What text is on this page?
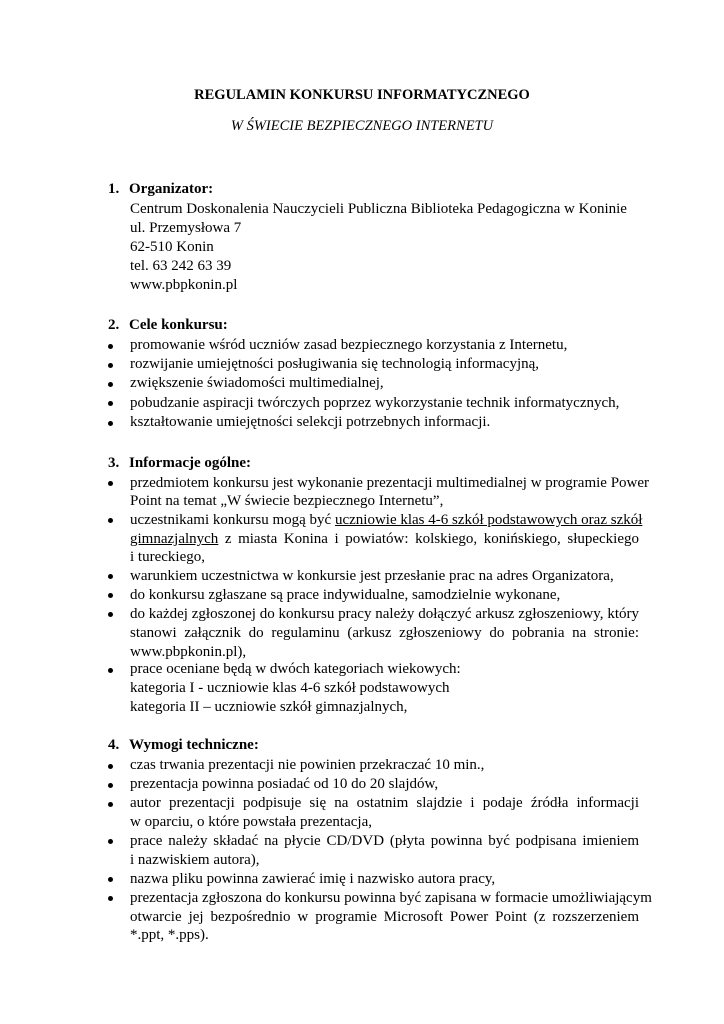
REGULAMIN KONKURSU INFORMATYCZNEGO
W ŚWIECIE BEZPIECZNEGO INTERNETU
1. Organizator:
Centrum Doskonalenia Nauczycieli Publiczna Biblioteka Pedagogiczna w Koninie
ul. Przemysłowa 7
62-510 Konin
tel. 63 242 63 39
www.pbpkonin.pl
2. Cele konkursu:
promowanie wśród uczniów zasad bezpiecznego korzystania z Internetu,
rozwijanie umiejętności posługiwania się technologią informacyjną,
zwiększenie świadomości multimedialnej,
pobudzanie aspiracji twórczych poprzez wykorzystanie technik informatycznych,
kształtowanie umiejętności selekcji potrzebnych informacji.
3. Informacje ogólne:
przedmiotem konkursu jest wykonanie prezentacji multimedialnej w programie Power
Point na temat „W świecie bezpiecznego Internetu”,
uczestnikami konkursu mogą być uczniowie klas 4-6 szkół podstawowych oraz szkół
gimnazjalnych z miasta Konina i powiatów: kolskiego, konińskiego, słupeckiego
i tureckiego,
warunkiem uczestnictwa w konkursie jest przesłanie prac na adres Organizatora,
do konkursu zgłaszane są prace indywidualne, samodzielnie wykonane,
do każdej zgłoszonej do konkursu pracy należy dołączyć arkusz zgłoszeniowy, który
stanowi załącznik do regulaminu (arkusz zgłoszeniowy do pobrania na stronie:
www.pbpkonin.pl),
prace oceniane będą w dwóch kategoriach wiekowych:
kategoria I - uczniowie klas 4-6 szkół podstawowych
kategoria II – uczniowie szkół gimnazjalnych,
4. Wymogi techniczne:
czas trwania prezentacji nie powinien przekraczać 10 min.,
prezentacja powinna posiadać od 10 do 20 slajdów,
autor prezentacji podpisuje się na ostatnim slajdzie i podaje źródła informacji
w oparciu, o które powstała prezentacja,
prace należy składać na płycie CD/DVD (płyta powinna być podpisana imieniem
i nazwiskiem autora),
nazwa pliku powinna zawierać imię i nazwisko autora pracy,
prezentacja zgłoszona do konkursu powinna być zapisana w formacie umożliwiającym
otwarcie jej bezpośrednio w programie Microsoft Power Point (z rozszerzeniem
*.ppt, *.pps).
